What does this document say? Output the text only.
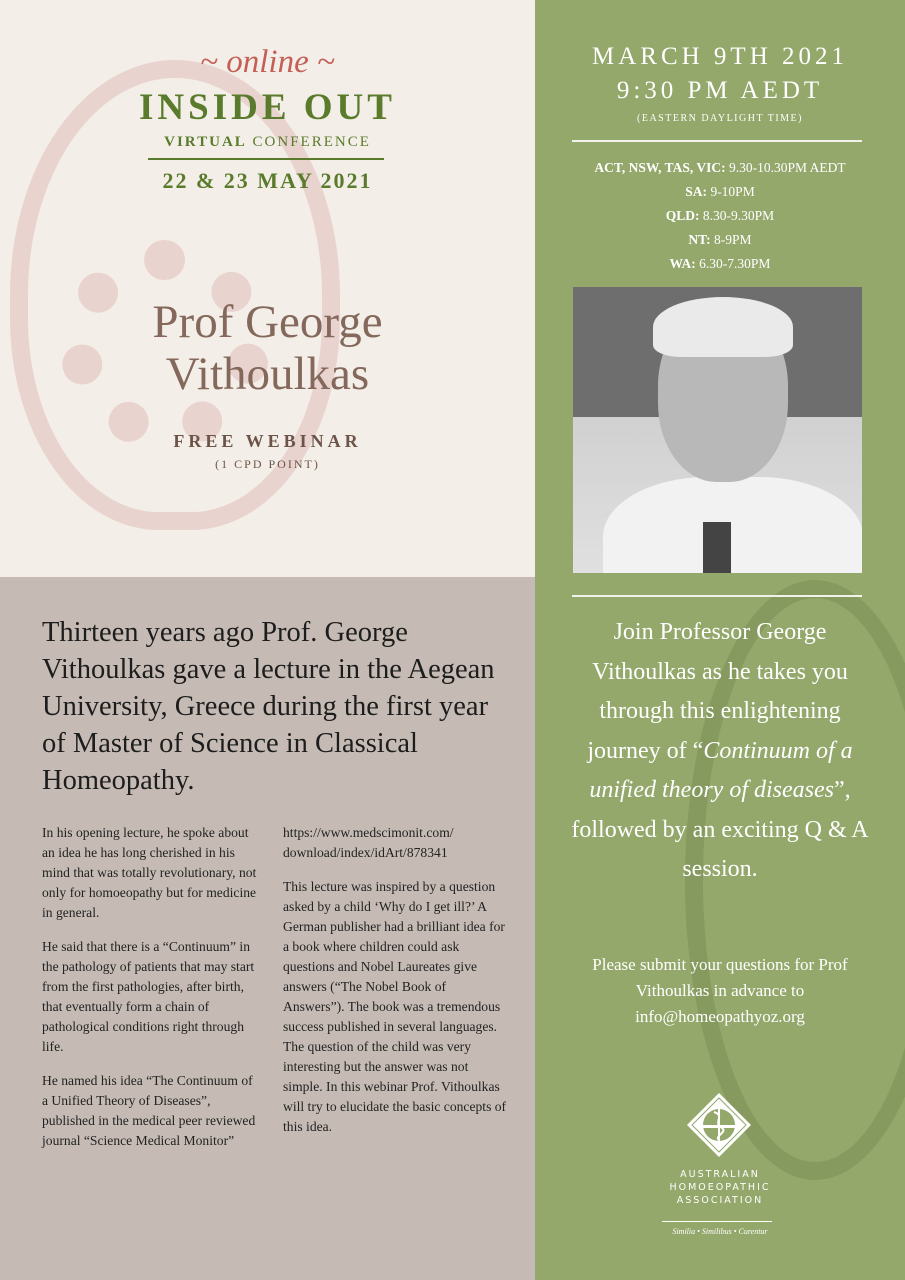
~ online ~
INSIDE OUT
VIRTUAL CONFERENCE
22 & 23 MAY 2021
Prof George
Vithoulkas
FREE WEBINAR
(1 CPD POINT)
Thirteen years ago Prof. George Vithoulkas gave a lecture in the Aegean University, Greece during the first year of Master of Science in Classical Homeopathy.

In his opening lecture, he spoke about an idea he has long cherished in his mind that was totally revolutionary, not only for homoeopathy but for medicine in general.

He said that there is a “Continuum” in the pathology of patients that may start from the first pathologies, after birth, that eventually form a chain of pathological conditions right through life.

He named his idea “The Continuum of a Unified Theory of Diseases”, published in the medical peer reviewed journal “Science Medical Monitor”

https://www.medscimonit.com/ download/index/idArt/878341

This lecture was inspired by a question asked by a child ‘Why do I get ill?’ A German publisher had a brilliant idea for a book where children could ask questions and Nobel Laureates give answers (“The Nobel Book of Answers”). The book was a tremendous success published in several languages. The question of the child was very interesting but the answer was not simple. In this webinar Prof. Vithoulkas will try to elucidate the basic concepts of this idea.

MARCH 9TH 2021
9:30 PM AEDT
(EASTERN DAYLIGHT TIME)
ACT, NSW, TAS, VIC: 9.30-10.30PM AEDT
SA: 9-10PM
QLD: 8.30-9.30PM
NT: 8-9PM
WA: 6.30-7.30PM
Join Professor George Vithoulkas as he takes you through this enlightening journey of “Continuum of a unified theory of diseases”, followed by an exciting Q & A session.
Please submit your questions for Prof Vithoulkas in advance to info@homeopathyoz.org
AUSTRALIAN
HOMOEOPATHIC
ASSOCIATION
Similia • Similibus • Curentur
